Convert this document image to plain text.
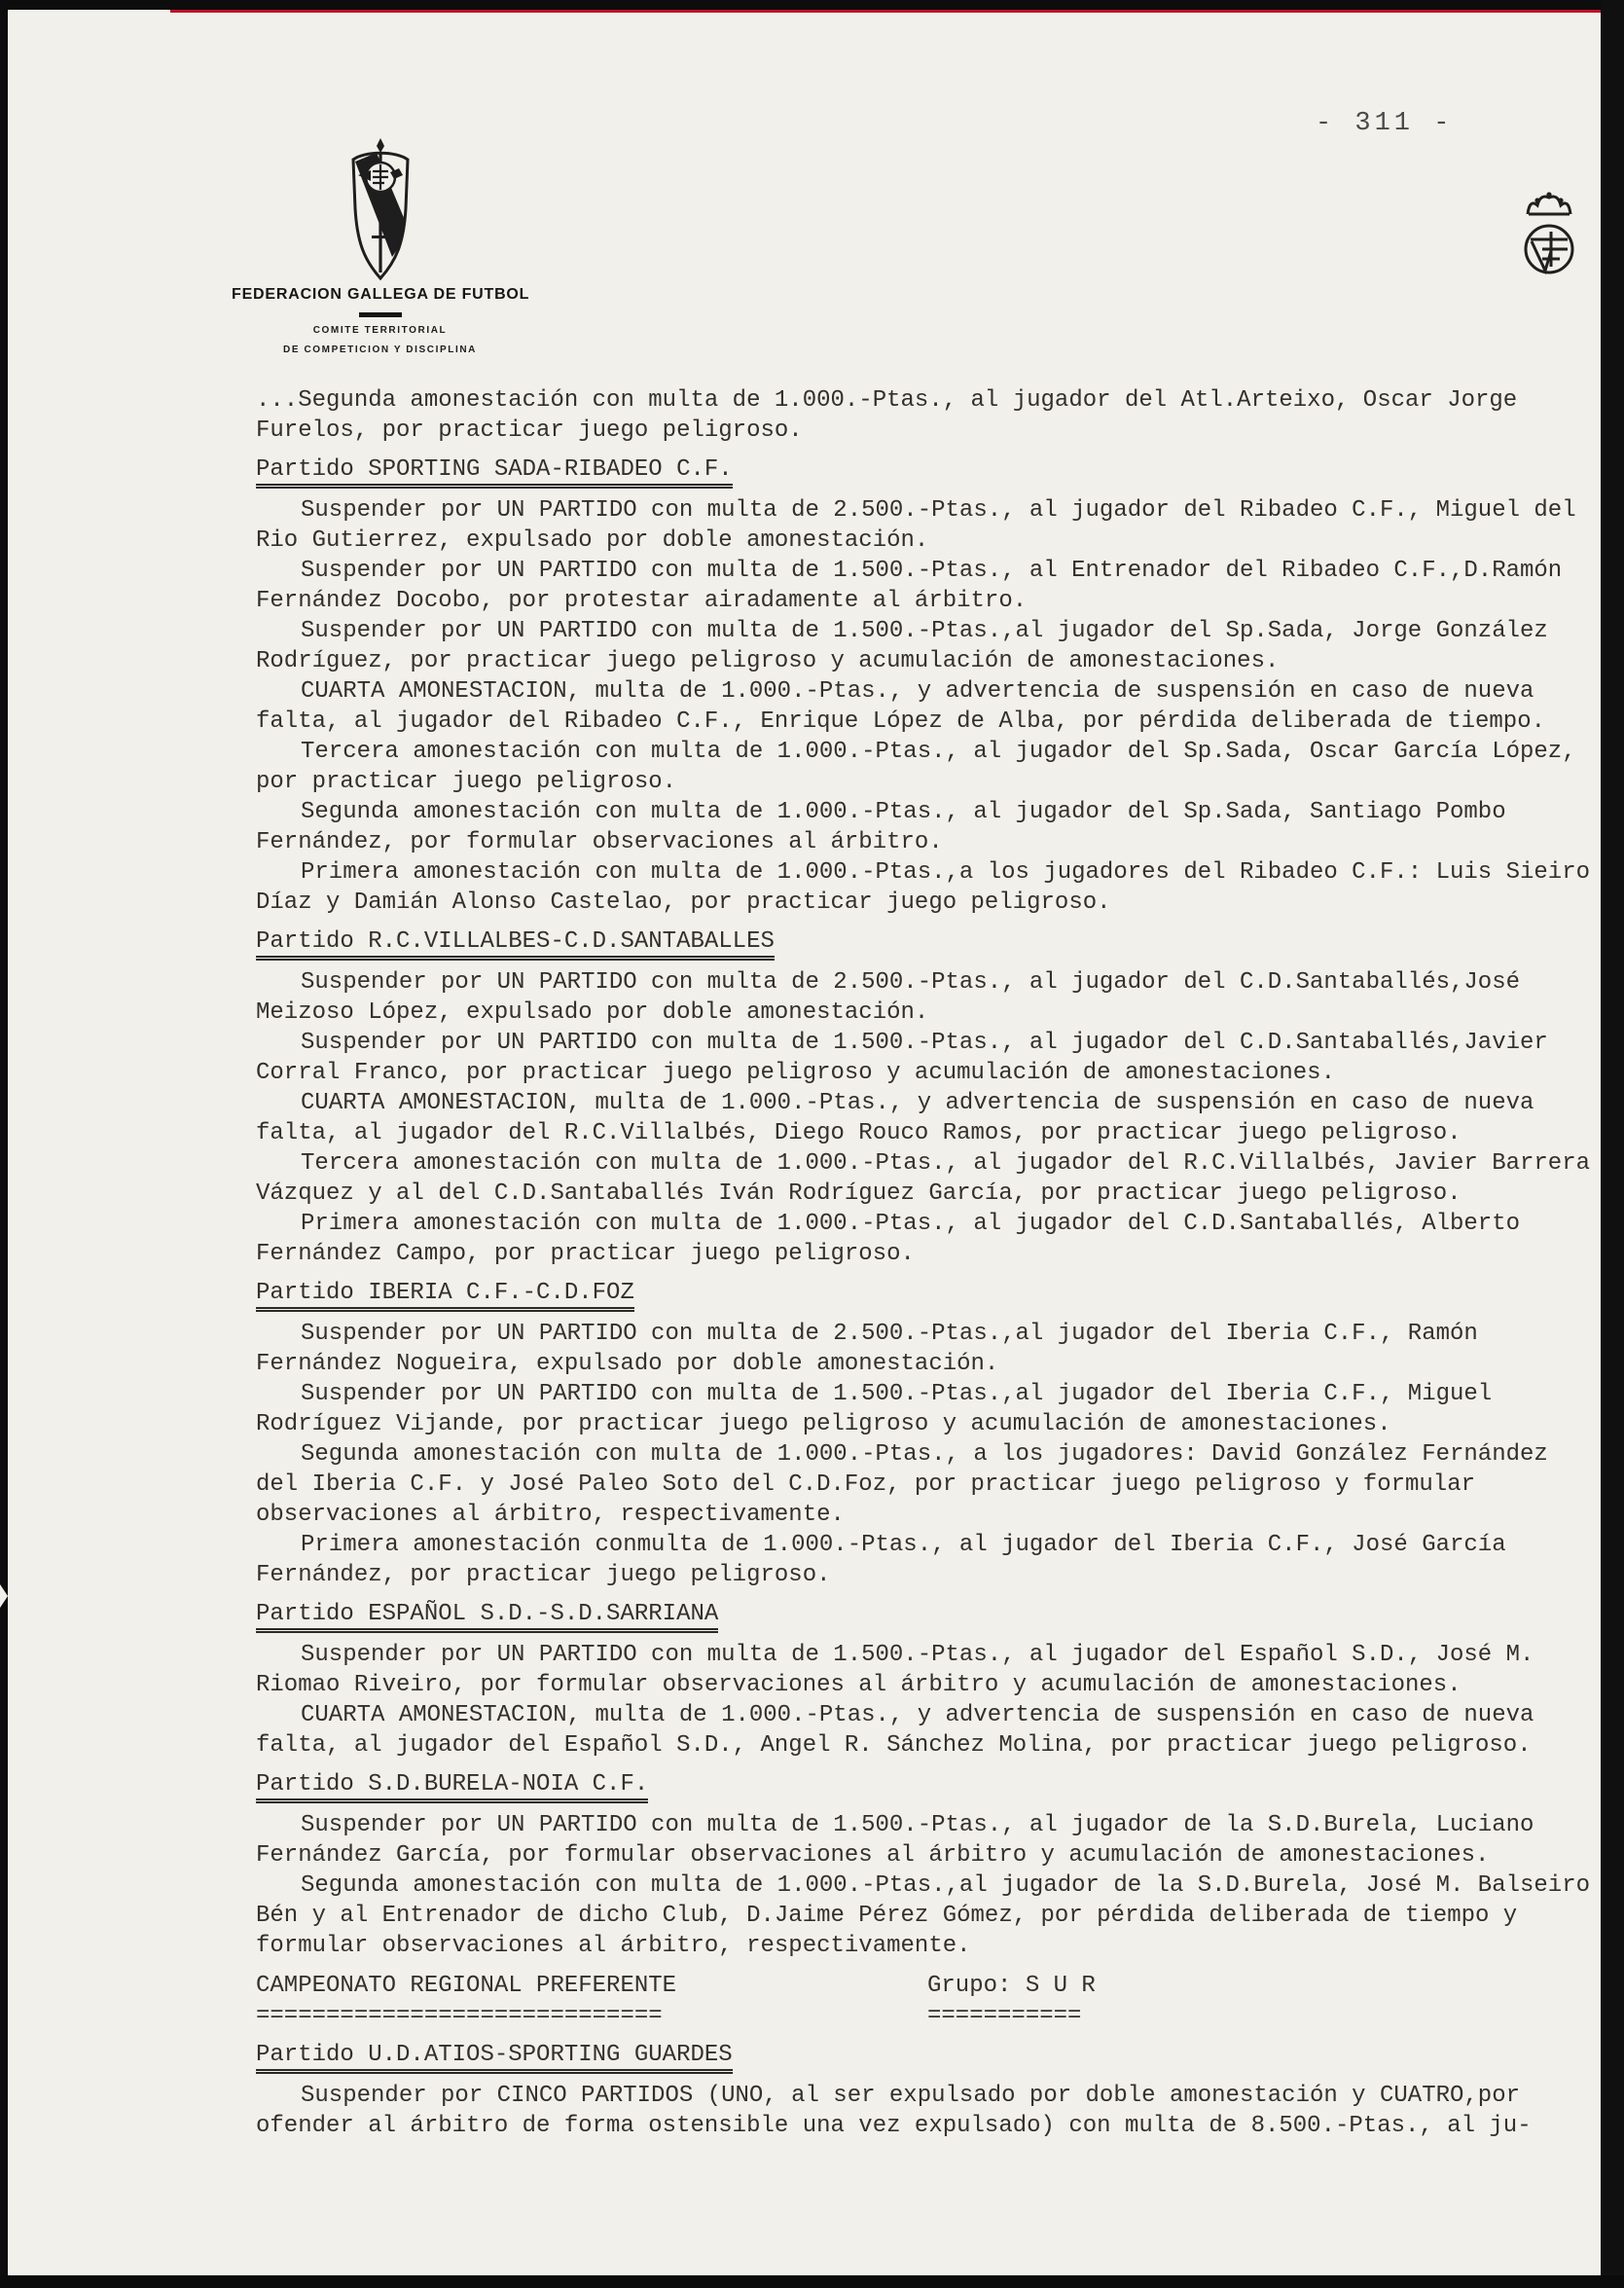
- 311 -
FEDERACION GALLEGA DE FUTBOL

COMITE TERRITORIAL

DE COMPETICION Y DISCIPLINA

...Segunda amonestación con multa de 1.000.-Ptas., al jugador del Atl.Arteixo, Oscar Jorge Furelos, por practicar juego peligroso.

Partido SPORTING SADA-RIBADEO C.F.

Suspender por UN PARTIDO con multa de 2.500.-Ptas., al jugador del Ribadeo C.F., Miguel del Rio Gutierrez, expulsado por doble amonestación.

Suspender por UN PARTIDO con multa de 1.500.-Ptas., al Entrenador del Ribadeo C.F.,D.Ramón Fernández Docobo, por protestar airadamente al árbitro.

Suspender por UN PARTIDO con multa de 1.500.-Ptas.,al jugador del Sp.Sada, Jorge González Rodríguez, por practicar juego peligroso y acumulación de amonestaciones.

CUARTA AMONESTACION, multa de 1.000.-Ptas., y advertencia de suspensión en caso de nueva falta, al jugador del Ribadeo C.F., Enrique López de Alba, por pérdida deliberada de tiempo.

Tercera amonestación con multa de 1.000.-Ptas., al jugador del Sp.Sada, Oscar García López, por practicar juego peligroso.

Segunda amonestación con multa de 1.000.-Ptas., al jugador del Sp.Sada, Santiago Pombo Fernández, por formular observaciones al árbitro.

Primera amonestación con multa de 1.000.-Ptas.,a los jugadores del Ribadeo C.F.: Luis Sieiro Díaz y Damián Alonso Castelao, por practicar juego peligroso.

Partido R.C.VILLALBES-C.D.SANTABALLES

Suspender por UN PARTIDO con multa de 2.500.-Ptas., al jugador del C.D.Santaballés,José Meizoso López, expulsado por doble amonestación.

Suspender por UN PARTIDO con multa de 1.500.-Ptas., al jugador del C.D.Santaballés,Javier Corral Franco, por practicar juego peligroso y acumulación de amonestaciones.

CUARTA AMONESTACION, multa de 1.000.-Ptas., y advertencia de suspensión en caso de nueva falta, al jugador del R.C.Villalbés, Diego Rouco Ramos, por practicar juego peligroso.

Tercera amonestación con multa de 1.000.-Ptas., al jugador del R.C.Villalbés, Javier Barrera Vázquez y al del C.D.Santaballés Iván Rodríguez García, por practicar juego peligroso.

Primera amonestación con multa de 1.000.-Ptas., al jugador del C.D.Santaballés, Alberto Fernández Campo, por practicar juego peligroso.

Partido IBERIA C.F.-C.D.FOZ

Suspender por UN PARTIDO con multa de 2.500.-Ptas.,al jugador del Iberia C.F., Ramón Fernández Nogueira, expulsado por doble amonestación.

Suspender por UN PARTIDO con multa de 1.500.-Ptas.,al jugador del Iberia C.F., Miguel Rodríguez Vijande, por practicar juego peligroso y acumulación de amonestaciones.

Segunda amonestación con multa de 1.000.-Ptas., a los jugadores: David González Fernández del Iberia C.F. y José Paleo Soto del C.D.Foz, por practicar juego peligroso y formular observaciones al árbitro, respectivamente.

Primera amonestación conmulta de 1.000.-Ptas., al jugador del Iberia C.F., José García Fernández, por practicar juego peligroso.

Partido ESPAÑOL S.D.-S.D.SARRIANA

Suspender por UN PARTIDO con multa de 1.500.-Ptas., al jugador del Español S.D., José M. Riomao Riveiro, por formular observaciones al árbitro y acumulación de amonestaciones.

CUARTA AMONESTACION, multa de 1.000.-Ptas., y advertencia de suspensión en caso de nueva falta, al jugador del Español S.D., Angel R. Sánchez Molina, por practicar juego peligroso.

Partido S.D.BURELA-NOIA C.F.

Suspender por UN PARTIDO con multa de 1.500.-Ptas., al jugador de la S.D.Burela, Luciano Fernández García, por formular observaciones al árbitro y acumulación de amonestaciones.

Segunda amonestación con multa de 1.000.-Ptas.,al jugador de la S.D.Burela, José M. Balseiro Bén y al Entrenador de dicho Club, D.Jaime Pérez Gómez, por pérdida deliberada de tiempo y formular observaciones al árbitro, respectivamente.

CAMPEONATO REGIONAL PREFERENTE
=============================
Grupo: S U R
===========
Partido U.D.ATIOS-SPORTING GUARDES

Suspender por CINCO PARTIDOS (UNO, al ser expulsado por doble amonestación y CUATRO,por ofender al árbitro de forma ostensible una vez expulsado) con multa de 8.500.-Ptas., al ju-
